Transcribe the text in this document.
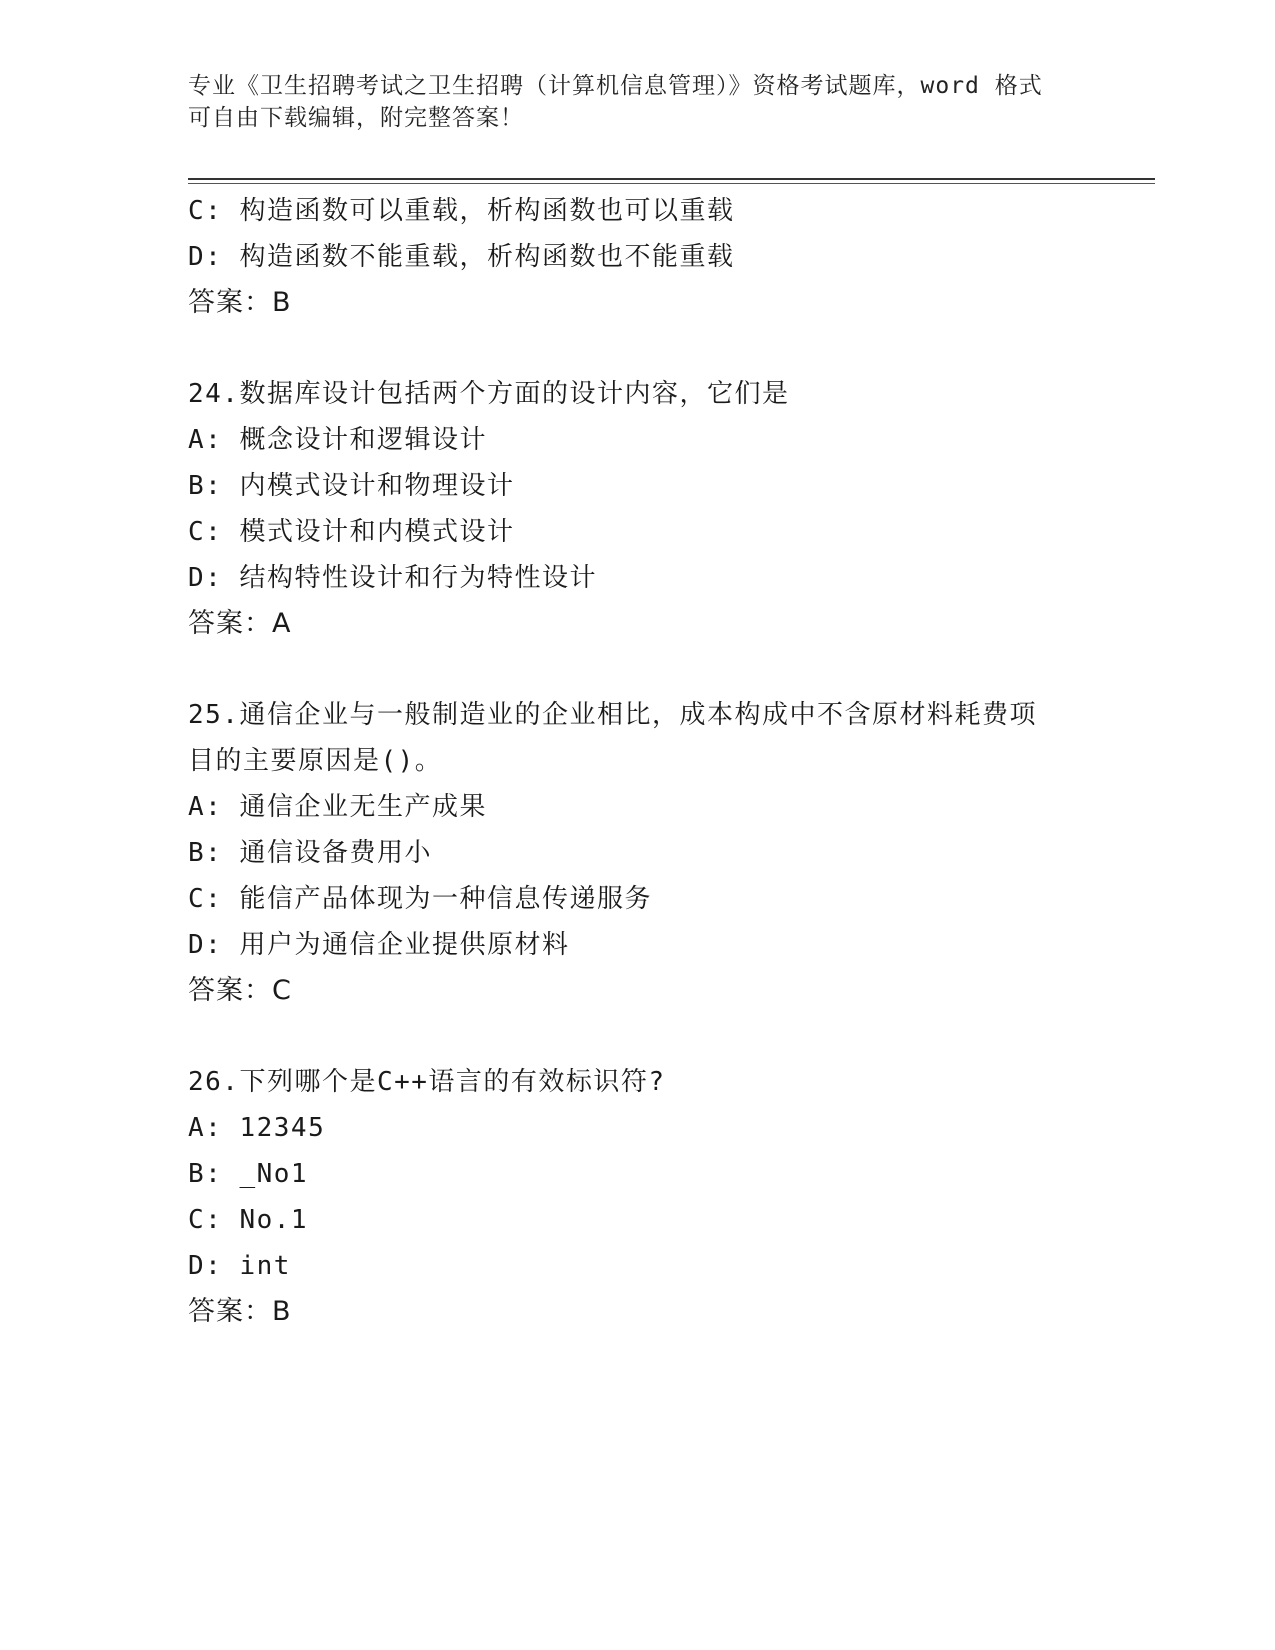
专业《卫生招聘考试之卫生招聘（计算机信息管理）》资格考试题库，word 格式
可自由下载编辑，附完整答案！
C: 构造函数可以重载，析构函数也可以重载
D: 构造函数不能重载，析构函数也不能重载
答案：B
24.数据库设计包括两个方面的设计内容，它们是
A: 概念设计和逻辑设计
B: 内模式设计和物理设计
C: 模式设计和内模式设计
D: 结构特性设计和行为特性设计
答案：A
25.通信企业与一般制造业的企业相比，成本构成中不含原材料耗费项
目的主要原因是()。
A: 通信企业无生产成果
B: 通信设备费用小
C: 能信产品体现为一种信息传递服务
D: 用户为通信企业提供原材料
答案：C
26.下列哪个是C++语言的有效标识符?
A: 12345
B: _No1
C: No.1
D: int
答案：B
